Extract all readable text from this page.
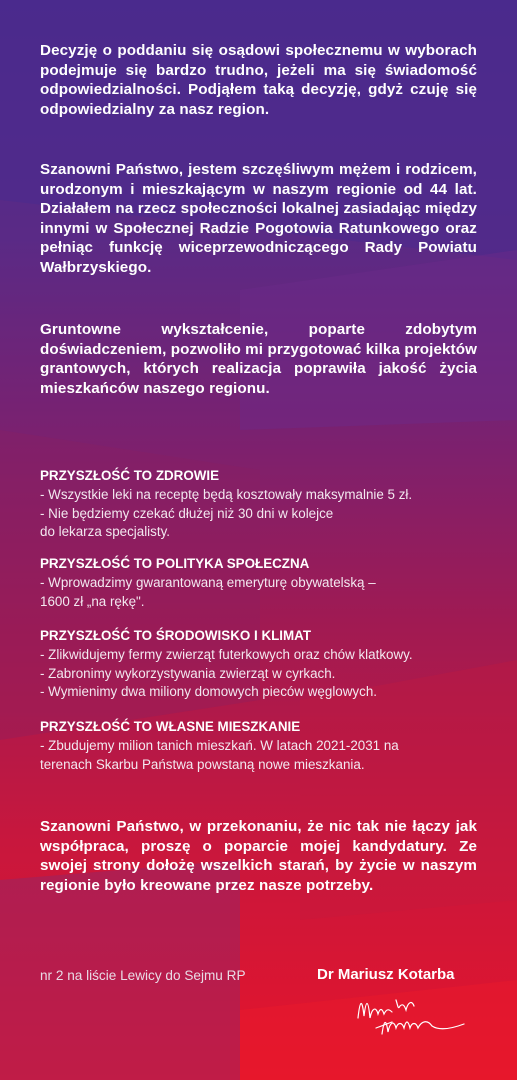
Decyzję o poddaniu się osądowi społecznemu w wyborach podejmuje się bardzo trudno, jeżeli ma się świadomość odpowiedzialności. Podjąłem taką decyzję, gdyż czuję się odpowiedzialny za nasz region.

Szanowni Państwo, jestem szczęśliwym mężem i rodzicem, urodzonym i mieszkającym w naszym regionie od 44 lat. Działałem na rzecz społeczności lokalnej zasiadając między innymi w Społecznej Radzie Pogotowia Ratunkowego oraz pełniąc funkcję wiceprzewodniczącego Rady Powiatu Wałbrzyskiego.

Gruntowne wykształcenie, poparte zdobytym doświadczeniem, pozwoliło mi przygotować kilka projektów grantowych, których realizacja poprawiła jakość życia mieszkańców naszego regionu.

PRZYSZŁOŚĆ TO ZDROWIE

- Wszystkie leki na receptę będą kosztowały maksymalnie 5 zł.

- Nie będziemy czekać dłużej niż 30 dni w kolejce

do lekarza specjalisty.

PRZYSZŁOŚĆ TO POLITYKA SPOŁECZNA

- Wprowadzimy gwarantowaną emeryturę obywatelską –

1600 zł „na rękę".

PRZYSZŁOŚĆ TO ŚRODOWISKO I KLIMAT

- Zlikwidujemy fermy zwierząt futerkowych oraz chów klatkowy.

- Zabronimy wykorzystywania zwierząt w cyrkach.

- Wymienimy dwa miliony domowych pieców węglowych.

PRZYSZŁOŚĆ TO WŁASNE MIESZKANIE

- Zbudujemy milion tanich mieszkań. W latach 2021-2031 na

terenach Skarbu Państwa powstaną nowe mieszkania.

Szanowni Państwo, w przekonaniu, że nic tak nie łączy jak współpraca, proszę o poparcie mojej kandydatury. Ze swojej strony dołożę wszelkich starań, by życie w naszym regionie było kreowane przez nasze potrzeby.

nr 2 na liście Lewicy do Sejmu RP	Dr Mariusz Kotarba
